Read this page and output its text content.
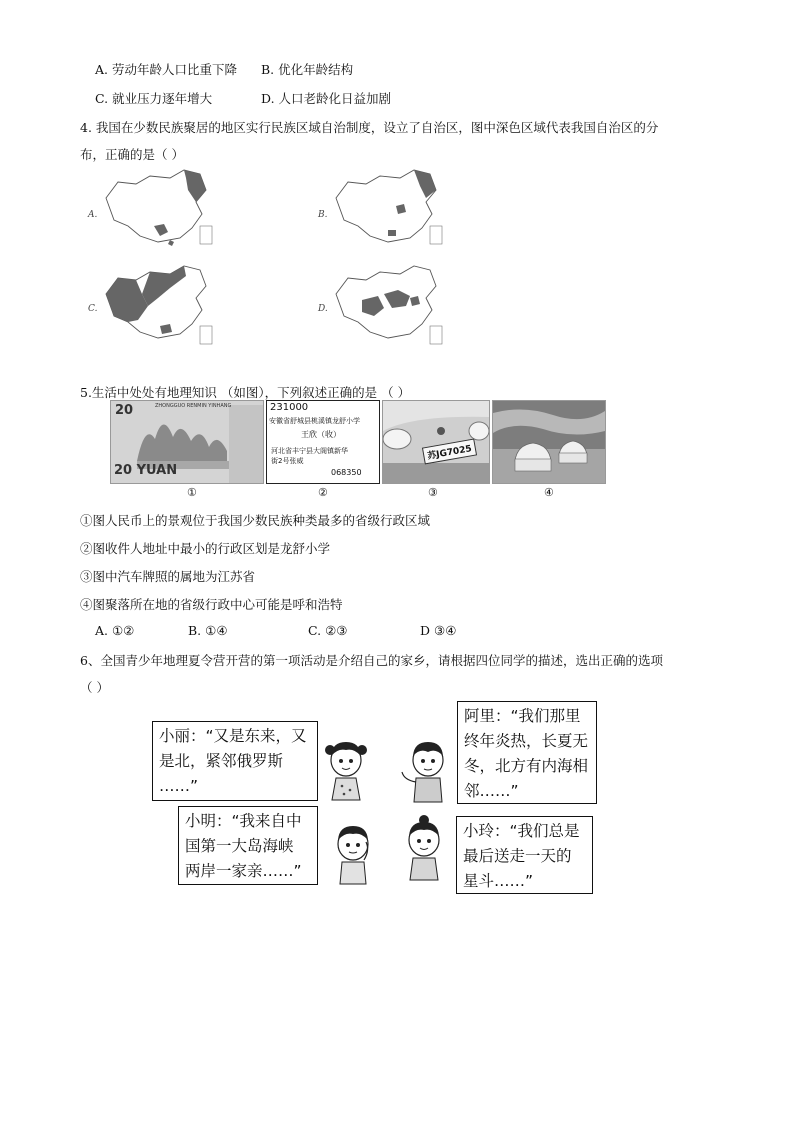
A. 劳动年龄人口比重下降 B. 优化年龄结构
C. 就业压力逐年增大	D. 人口老龄化日益加剧
4. 我国在少数民族聚居的地区实行民族区域自治制度，设立了自治区，图中深色区域代表我国自治区的分
布，正确的是（ ）
A.	B.
C.	D.
5.生活中处处有地理知识 （如图），下列叙述正确的是 （ ）
20	ZHONGGUO RENMIN YINHANG
20 YUAN
231000
安徽省舒城县桃溪镇龙舒小学
王欣（收）
河北省丰宁县大阁镇新华
街2号张威
068350
苏JG7025
①	②	③	④
①图人民币上的景观位于我国少数民族种类最多的省级行政区域
②图收件人地址中最小的行政区划是龙舒小学
③图中汽车牌照的属地为江苏省
④图聚落所在地的省级行政中心可能是呼和浩特
A. ①②	B. ①④	C. ②③	D ③④
6、全国青少年地理夏令营开营的第一项活动是介绍自己的家乡，请根据四位同学的描述，选出正确的选项
（ ）
小丽：“又是东来，又
是北，紧邻俄罗斯
……”
阿里：“我们那里
终年炎热，长夏无
冬，北方有内海相
邻……”
小明：“我来自中
国第一大岛海峡
两岸一家亲……”
小玲：“我们总是
最后送走一天的
星斗……”
